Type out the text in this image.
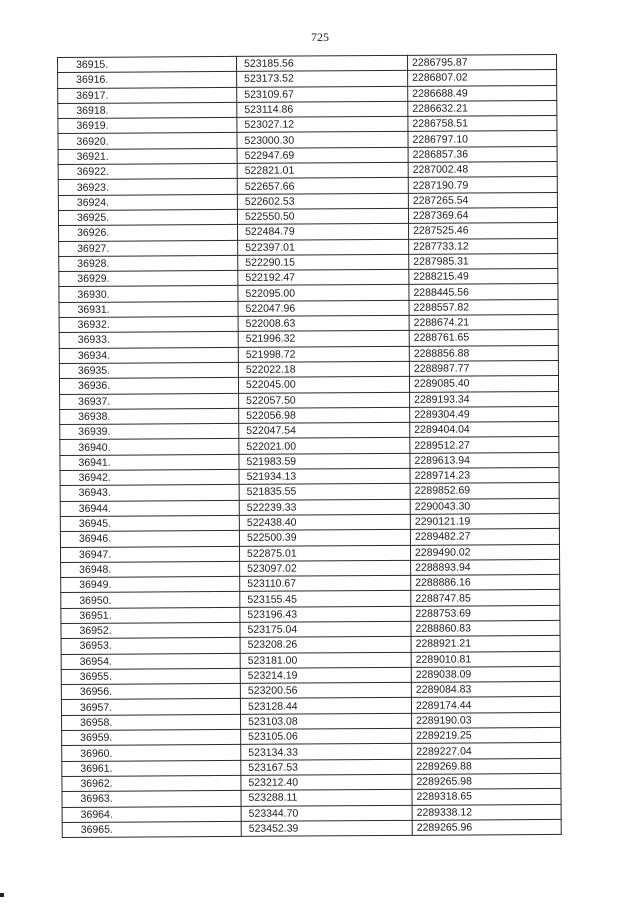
725
36915.	523185.56	2286795.87
36916.	523173.52	2286807.02
36917.	523109.67	2286688.49
36918.	523114.86	2286632.21
36919.	523027.12	2286758.51
36920.	523000.30	2286797.10
36921.	522947.69	2286857.36
36922.	522821.01	2287002.48
36923.	522657.66	2287190.79
36924.	522602.53	2287265.54
36925.	522550.50	2287369.64
36926.	522484.79	2287525.46
36927.	522397.01	2287733.12
36928.	522290.15	2287985.31
36929.	522192.47	2288215.49
36930.	522095.00	2288445.56
36931.	522047.96	2288557.82
36932.	522008.63	2288674.21
36933.	521996.32	2288761.65
36934.	521998.72	2288856.88
36935.	522022.18	2288987.77
36936.	522045.00	2289085.40
36937.	522057.50	2289193.34
36938.	522056.98	2289304.49
36939.	522047.54	2289404.04
36940.	522021.00	2289512.27
36941.	521983.59	2289613.94
36942.	521934.13	2289714.23
36943.	521835.55	2289852.69
36944.	522239.33	2290043.30
36945.	522438.40	2290121.19
36946.	522500.39	2289482.27
36947.	522875.01	2289490.02
36948.	523097.02	2288893.94
36949.	523110.67	2288886.16
36950.	523155.45	2288747.85
36951.	523196.43	2288753.69
36952.	523175.04	2288860.83
36953.	523208.26	2288921.21
36954.	523181.00	2289010.81
36955.	523214.19	2289038.09
36956.	523200.56	2289084.83
36957.	523128.44	2289174.44
36958.	523103.08	2289190.03
36959.	523105.06	2289219.25
36960.	523134.33	2289227.04
36961.	523167.53	2289269.88
36962.	523212.40	2289265.98
36963.	523288.11	2289318.65
36964.	523344.70	2289338.12
36965.	523452.39	2289265.96
